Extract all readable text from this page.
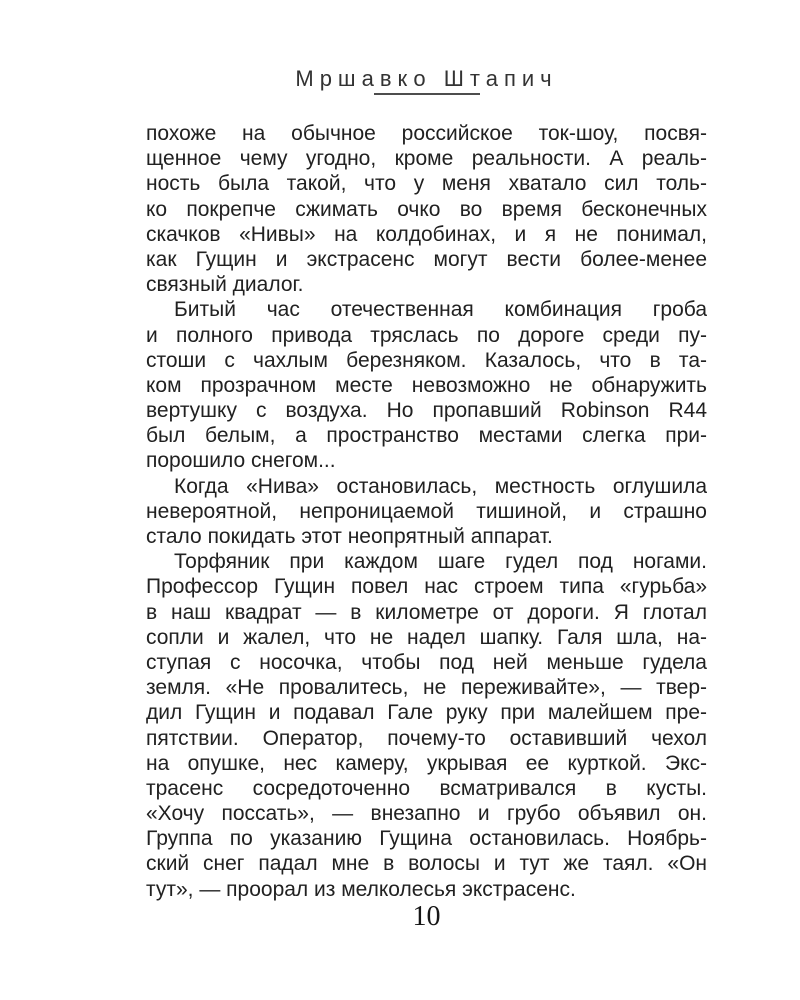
Мршавко Штапич
похоже на обычное российское ток-шоу, посвя-
щенное чему угодно, кроме реальности. А реаль-
ность была такой, что у меня хватало сил толь-
ко покрепче сжимать очко во время бесконечных
скачков «Нивы» на колдобинах, и я не понимал,
как Гущин и экстрасенс могут вести более-менее
связный диалог.
Битый час отечественная комбинация гроба
и полного привода тряслась по дороге среди пу-
стоши с чахлым березняком. Казалось, что в та-
ком прозрачном месте невозможно не обнаружить
вертушку с воздуха. Но пропавший Robinson R44
был белым, а пространство местами слегка при-
порошило снегом...
Когда «Нива» остановилась, местность оглушила
невероятной, непроницаемой тишиной, и страшно
стало покидать этот неопрятный аппарат.
Торфяник при каждом шаге гудел под ногами.
Профессор Гущин повел нас строем типа «гурьба»
в наш квадрат — в километре от дороги. Я глотал
сопли и жалел, что не надел шапку. Галя шла, на-
ступая с носочка, чтобы под ней меньше гудела
земля. «Не провалитесь, не переживайте», — твер-
дил Гущин и подавал Гале руку при малейшем пре-
пятствии. Оператор, почему-то оставивший чехол
на опушке, нес камеру, укрывая ее курткой. Экс-
трасенс сосредоточенно всматривался в кусты.
«Хочу поссать», — внезапно и грубо объявил он.
Группа по указанию Гущина остановилась. Ноябрь-
ский снег падал мне в волосы и тут же таял. «Он
тут», — проорал из мелколесья экстрасенс.
10
